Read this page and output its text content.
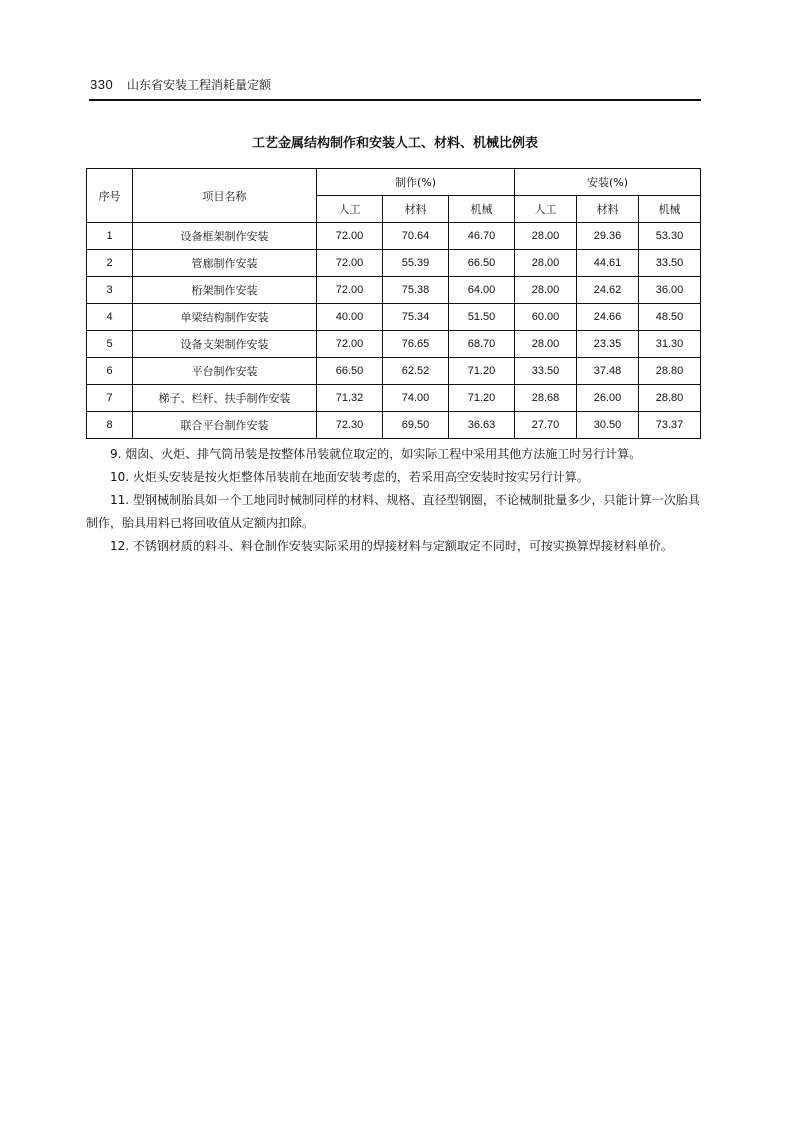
330 山东省安装工程消耗量定额
工艺金属结构制作和安装人工、材料、机械比例表
序号	项目名称	制作(%)			安装(%)		
		人工	材料	机械	人工	材料	机械
1	设备框架制作安装	72.00	70.64	46.70	28.00	29.36	53.30
2	管廊制作安装	72.00	55.39	66.50	28.00	44.61	33.50
3	桁架制作安装	72.00	75.38	64.00	28.00	24.62	36.00
4	单梁结构制作安装	40.00	75.34	51.50	60.00	24.66	48.50
5	设备支架制作安装	72.00	76.65	68.70	28.00	23.35	31.30
6	平台制作安装	66.50	62.52	71.20	33.50	37.48	28.80
7	梯子、栏杆、扶手制作安装	71.32	74.00	71.20	28.68	26.00	28.80
8	联合平台制作安装	72.30	69.50	36.63	27.70	30.50	73.37

9. 烟囱、火炬、排气筒吊装是按整体吊装就位取定的，如实际工程中采用其他方法施工时另行计算。

10. 火炬头安装是按火炬整体吊装前在地面安装考虑的，若采用高空安装时按实另行计算。

11. 型钢械制胎具如一个工地同时械制同样的材料、规格、直径型钢圈，不论械制批量多少，只能计算一次胎具制作，胎具用料已将回收值从定额内扣除。

12. 不锈钢材质的料斗、料仓制作安装实际采用的焊接材料与定额取定不同时，可按实换算焊接材料单价。
